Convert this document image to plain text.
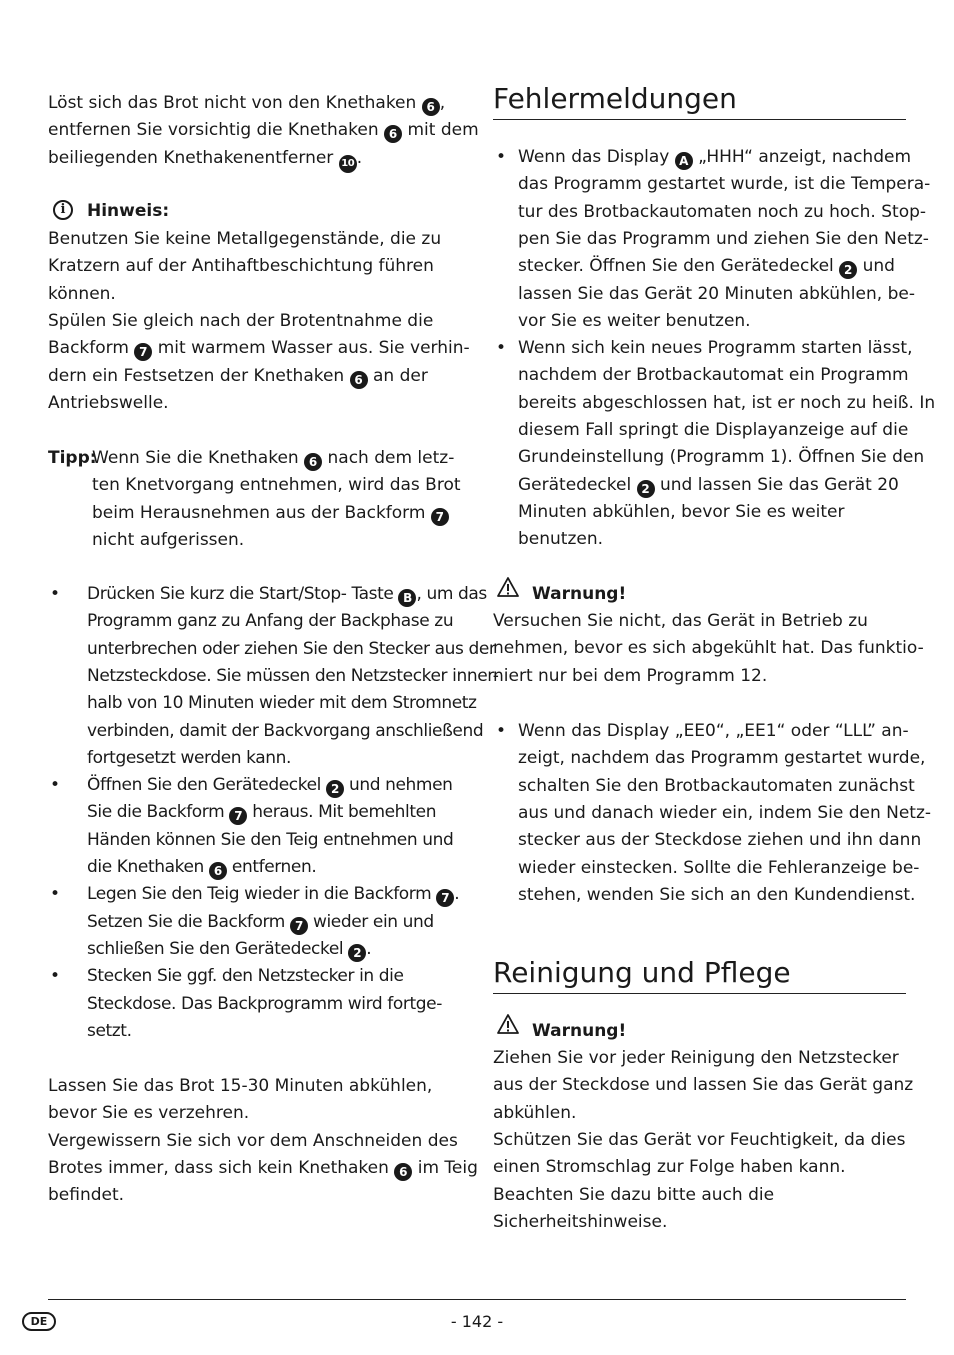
i	Hinweis:
Tipp:
Löst sich das Brot nicht von den Knethaken 6 ,
entfernen Sie vorsichtig die Knethaken 6 mit dem
beiliegenden Knethakenentferner 10 .
Benutzen Sie keine Metallgegenstände, die zu
Kratzern auf der Antihaftbeschichtung führen
können.
Spülen Sie gleich nach der Brotentnahme die
Backform 7 mit warmem Wasser aus. Sie verhin-
dern ein Festsetzen der Knethaken 6 an der
Antriebswelle.
Wenn Sie die Knethaken 6 nach dem letz-
ten Knetvorgang entnehmen, wird das Brot
beim Herausnehmen aus der Backform 7
nicht aufgerissen.
Lassen Sie das Brot 15-30 Minuten abkühlen,
bevor Sie es verzehren.
Vergewissern Sie sich vor dem Anschneiden des
Brotes immer, dass sich kein Knethaken 6 im Teig
befindet.
• Drücken Sie kurz die Start/Stop- Taste B , um das
Programm ganz zu Anfang der Backphase zu
unterbrechen oder ziehen Sie den Stecker aus der
Netzsteckdose. Sie müssen den Netzstecker inner-
halb von 10 Minuten wieder mit dem Stromnetz
verbinden, damit der Backvorgang anschließend
fortgesetzt werden kann.
• Öffnen Sie den Gerätedeckel 2 und nehmen
Sie die Backform 7 heraus. Mit bemehlten
Händen können Sie den Teig entnehmen und
die Knethaken 6 entfernen.
• Legen Sie den Teig wieder in die Backform 7 .
Setzen Sie die Backform 7 wieder ein und
schließen Sie den Gerätedeckel 2 .
• Stecken Sie ggf. den Netzstecker in die
Steckdose. Das Backprogramm wird fortge-
setzt.
Fehlermeldungen
Warnung!
Reinigung und Pflege
Warnung!
Versuchen Sie nicht, das Gerät in Betrieb zu
nehmen, bevor es sich abgekühlt hat. Das funktio-
niert nur bei dem Programm 12.
Ziehen Sie vor jeder Reinigung den Netzstecker
aus der Steckdose und lassen Sie das Gerät ganz
abkühlen.
Schützen Sie das Gerät vor Feuchtigkeit, da dies
einen Stromschlag zur Folge haben kann.
Beachten Sie dazu bitte auch die
Sicherheitshinweise.
• Wenn das Display A „HHH“ anzeigt, nachdem
das Programm gestartet wurde, ist die Tempera-
tur des Brotbackautomaten noch zu hoch. Stop-
pen Sie das Programm und ziehen Sie den Netz-
stecker. Öffnen Sie den Gerätedeckel 2 und
lassen Sie das Gerät 20 Minuten abkühlen, be-
vor Sie es weiter benutzen.
• Wenn sich kein neues Programm starten lässt,
nachdem der Brotbackautomat ein Programm
bereits abgeschlossen hat, ist er noch zu heiß. In
diesem Fall springt die Displayanzeige auf die
Grundeinstellung (Programm 1). Öffnen Sie den
Gerätedeckel 2 und lassen Sie das Gerät 20
Minuten abkühlen, bevor Sie es weiter
benutzen.
• Wenn das Display „EE0“, „EE1“ oder “LLL” an-
zeigt, nachdem das Programm gestartet wurde,
schalten Sie den Brotbackautomaten zunächst
aus und danach wieder ein, indem Sie den Netz-
stecker aus der Steckdose ziehen und ihn dann
wieder einstecken. Sollte die Fehleranzeige be-
stehen, wenden Sie sich an den Kundendienst.
DE	- 142 -
